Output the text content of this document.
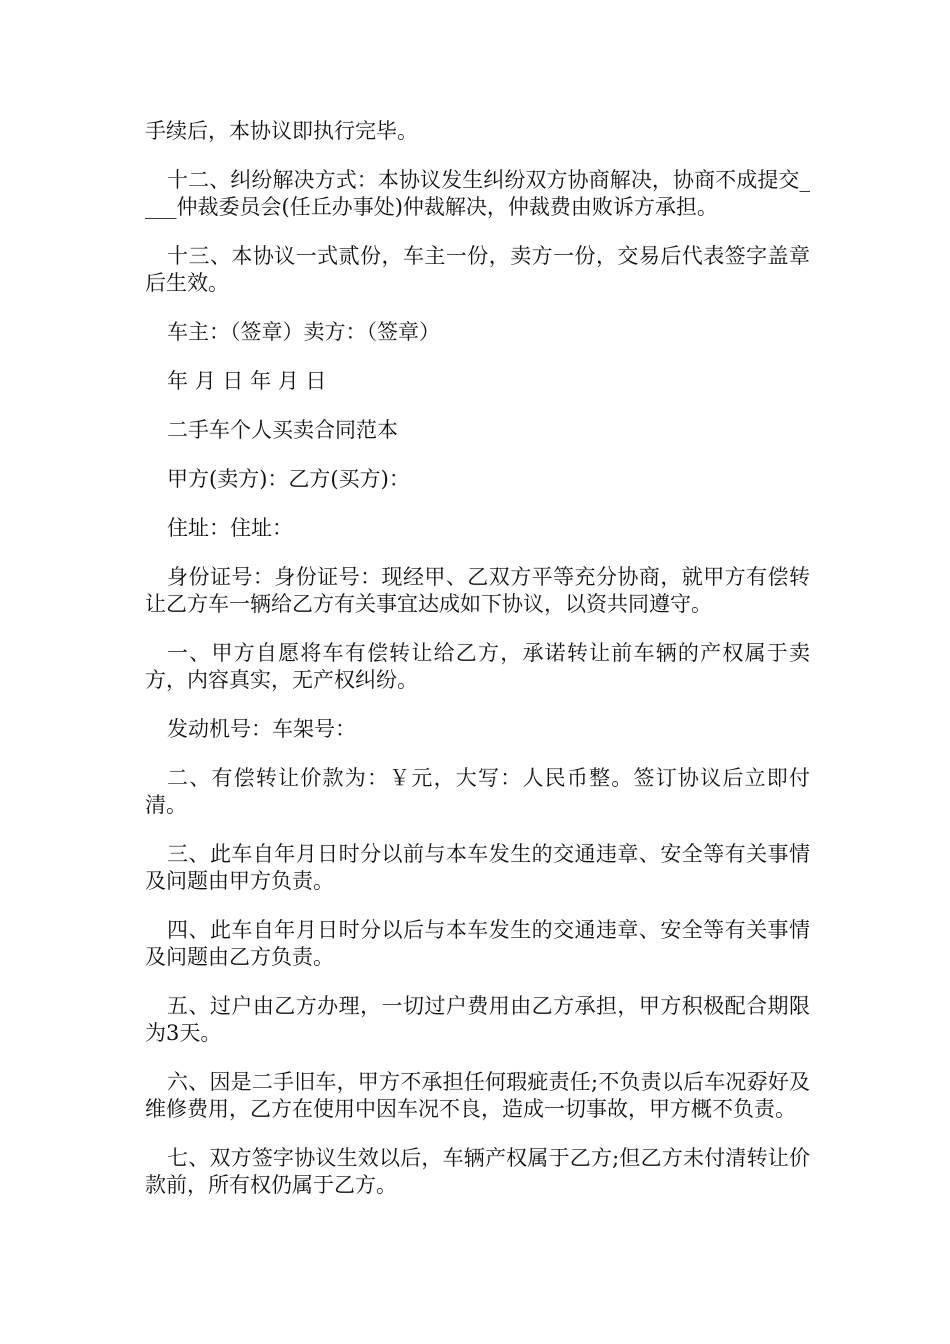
手续后，本协议即执行完毕。

十二、纠纷解决方式：本协议发生纠纷双方协商解决，协商不成提交____仲裁委员会(任丘办事处)仲裁解决，仲裁费由败诉方承担。

十三、本协议一式贰份，车主一份，卖方一份，交易后代表签字盖章后生效。

车主：（签章）卖方：（签章）

年 月 日 年 月 日

二手车个人买卖合同范本

甲方(卖方)：乙方(买方)：

住址：住址：

身份证号：身份证号：现经甲、乙双方平等充分协商，就甲方有偿转让乙方车一辆给乙方有关事宜达成如下协议，以资共同遵守。

一、甲方自愿将车有偿转让给乙方，承诺转让前车辆的产权属于卖方，内容真实，无产权纠纷。

发动机号：车架号：

二、有偿转让价款为：￥元，大写：人民币整。签订协议后立即付清。

三、此车自年月日时分以前与本车发生的交通违章、安全等有关事情及问题由甲方负责。

四、此车自年月日时分以后与本车发生的交通违章、安全等有关事情及问题由乙方负责。

五、过户由乙方办理，一切过户费用由乙方承担，甲方积极配合期限为3天。

六、因是二手旧车，甲方不承担任何瑕疵责任;不负责以后车况孬好及维修费用，乙方在使用中因车况不良，造成一切事故，甲方概不负责。

七、双方签字协议生效以后，车辆产权属于乙方;但乙方未付清转让价款前，所有权仍属于乙方。
